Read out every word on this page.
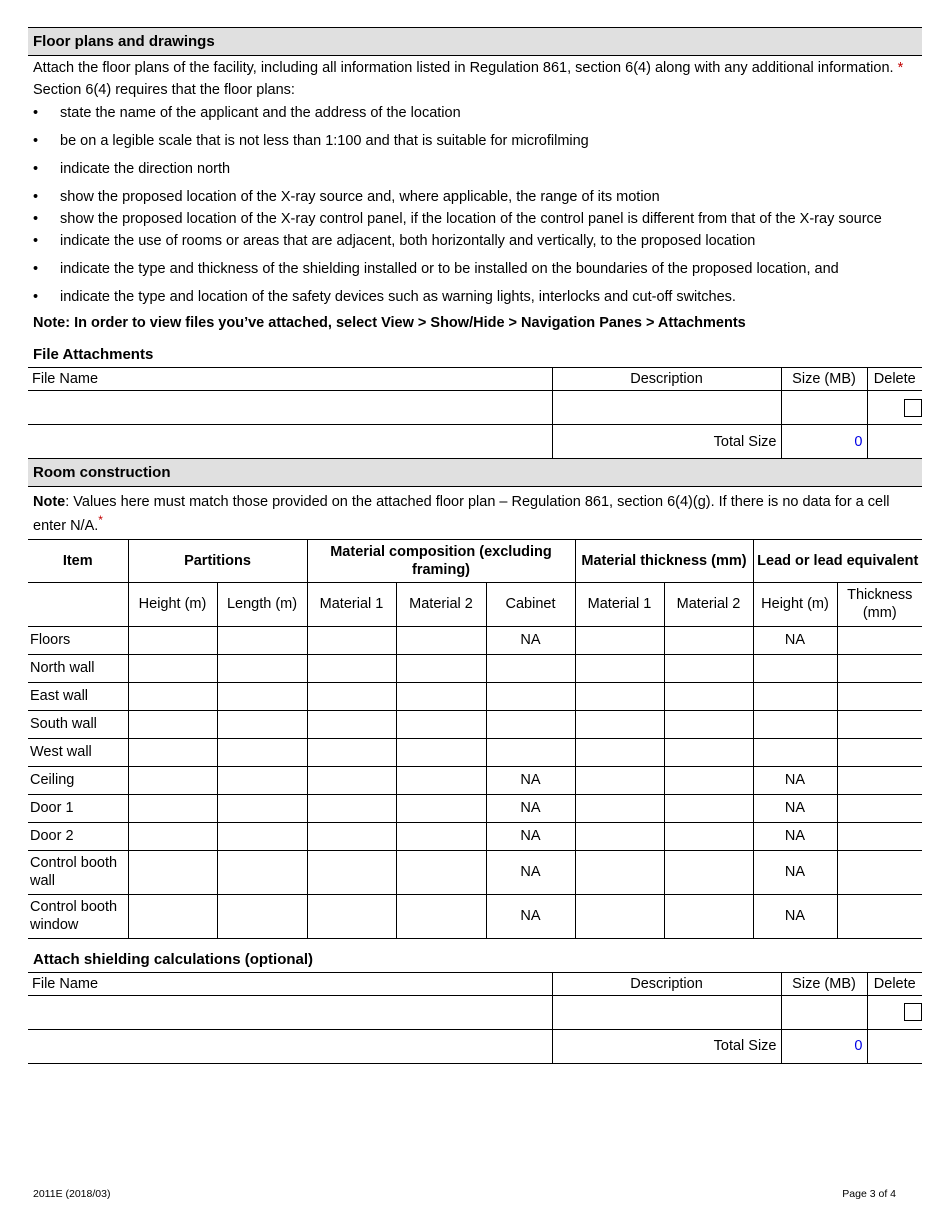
Floor plans and drawings
Attach the floor plans of the facility, including all information listed in Regulation 861, section 6(4) along with any additional information. *
Section 6(4) requires that the floor plans:
• state the name of the applicant and the address of the location
• be on a legible scale that is not less than 1:100 and that is suitable for microfilming
• indicate the direction north
• show the proposed location of the X-ray source and, where applicable, the range of its motion
• show the proposed location of the X-ray control panel, if the location of the control panel is different from that of the X-ray source
• indicate the use of rooms or areas that are adjacent, both horizontally and vertically, to the proposed location
• indicate the type and thickness of the shielding installed or to be installed on the boundaries of the proposed location, and
• indicate the type and location of the safety devices such as warning lights, interlocks and cut-off switches.
Note: In order to view files you’ve attached, select View > Show/Hide > Navigation Panes > Attachments
File Attachments
File Name	Description	Size (MB)	Delete

	Total Size	0	
Room construction
Note: Values here must match those provided on the attached floor plan – Regulation 861, section 6(4)(g). If there is no data for a cell enter N/A.*
Item	Partitions		Material composition (excluding framing)			Material thickness (mm)		Lead or lead equivalent	
	Height (m)	Length (m)	Material 1	Material 2	Cabinet	Material 1	Material 2	Height (m)	Thickness (mm)
Floors					NA			NA	
North wall									
East wall									
South wall									
West wall									
Ceiling					NA			NA	
Door 1					NA			NA	
Door 2					NA			NA	
Control booth wall					NA			NA	
Control booth window					NA			NA	
Attach shielding calculations (optional)
File Name	Description	Size (MB)	Delete

	Total Size	0	
2011E (2018/03)	Page 3 of 4
